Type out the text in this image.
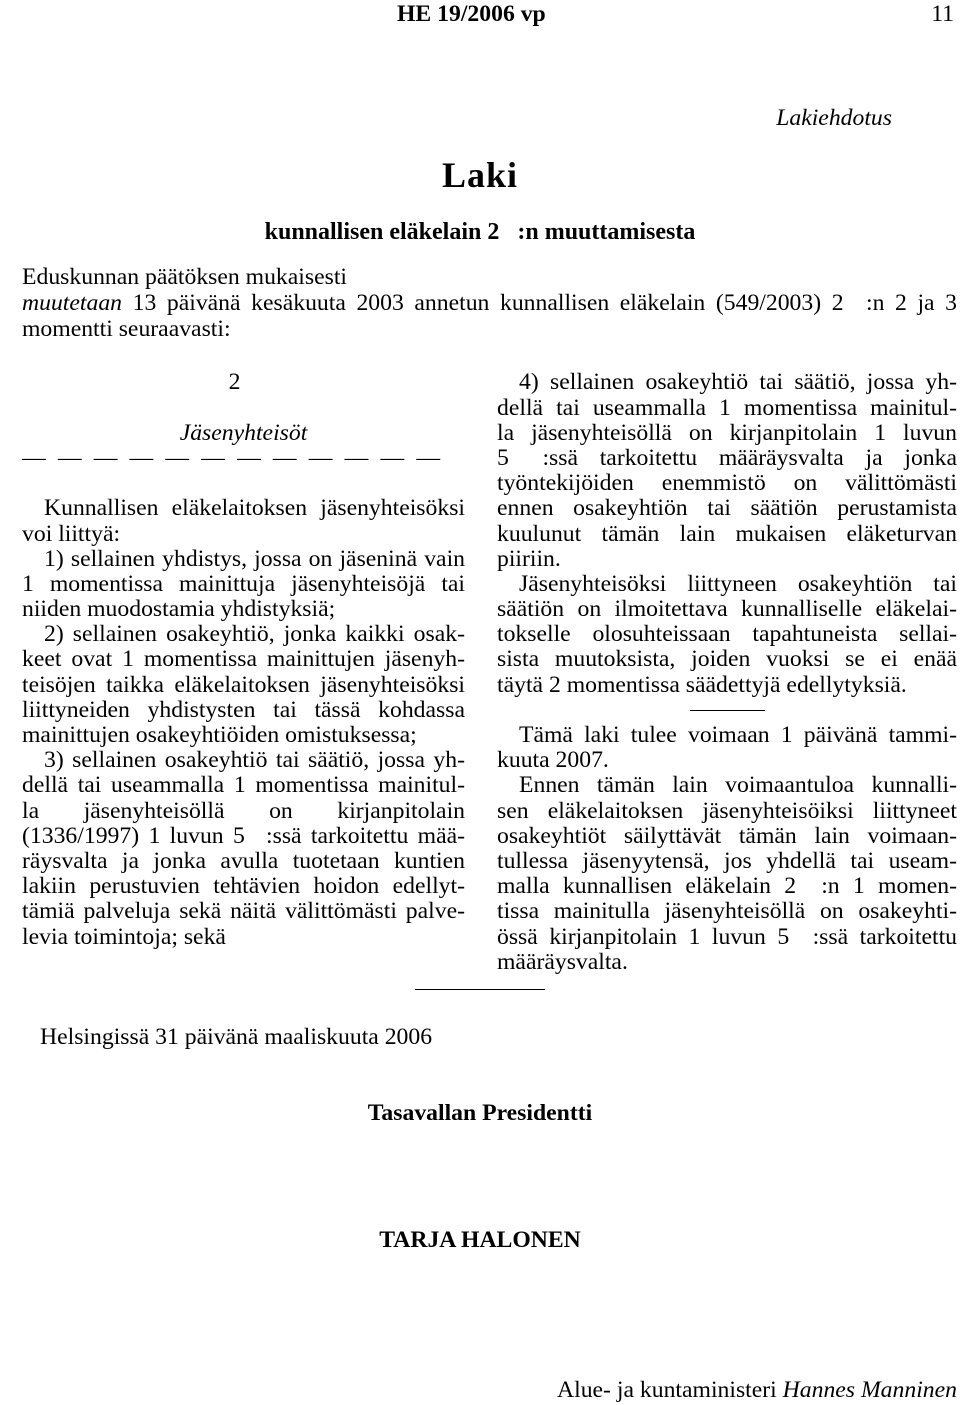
HE 19/2006 vp	11
Lakiehdotus
Laki
kunnallisen eläkelain 2  :n muuttamisesta
Eduskunnan päätöksen mukaisesti
muutetaan 13 päivänä kesäkuuta 2003 annetun kunnallisen eläkelain (549/2003) 2  :n 2 ja 3
momentti seuraavasti:
2
Jäsenyhteisöt
— — — — — — — — — — — —
Kunnallisen eläkelaitoksen jäsenyhteisöksi
voi liittyä:
1) sellainen yhdistys, jossa on jäseninä vain
1 momentissa mainittuja jäsenyhteisöjä tai
niiden muodostamia yhdistyksiä;
2) sellainen osakeyhtiö, jonka kaikki osak-
keet ovat 1 momentissa mainittujen jäsenyh-
teisöjen taikka eläkelaitoksen jäsenyhteisöksi
liittyneiden yhdistysten tai tässä kohdassa
mainittujen osakeyhtiöiden omistuksessa;
3) sellainen osakeyhtiö tai säätiö, jossa yh-
dellä tai useammalla 1 momentissa mainitul-
la jäsenyhteisöllä on kirjanpitolain
(1336/1997) 1 luvun 5  :ssä tarkoitettu mää-
räysvalta ja jonka avulla tuotetaan kuntien
lakiin perustuvien tehtävien hoidon edellyt-
tämiä palveluja sekä näitä välittömästi palve-
levia toimintoja; sekä
4) sellainen osakeyhtiö tai säätiö, jossa yh-
dellä tai useammalla 1 momentissa mainitul-
la jäsenyhteisöllä on kirjanpitolain 1 luvun
5  :ssä tarkoitettu määräysvalta ja jonka
työntekijöiden enemmistö on välittömästi
ennen osakeyhtiön tai säätiön perustamista
kuulunut tämän lain mukaisen eläketurvan
piiriin.
Jäsenyhteisöksi liittyneen osakeyhtiön tai
säätiön on ilmoitettava kunnalliselle eläkelai-
tokselle olosuhteissaan tapahtuneista sellai-
sista muutoksista, joiden vuoksi se ei enää
täytä 2 momentissa säädettyjä edellytyksiä.
Tämä laki tulee voimaan 1 päivänä tammi-
kuuta 2007.
Ennen tämän lain voimaantuloa kunnalli-
sen eläkelaitoksen jäsenyhteisöiksi liittyneet
osakeyhtiöt säilyttävät tämän lain voimaan-
tullessa jäsenyytensä, jos yhdellä tai useam-
malla kunnallisen eläkelain 2  :n 1 momen-
tissa mainitulla jäsenyhteisöllä on osakeyhti-
össä kirjanpitolain 1 luvun 5  :ssä tarkoitettu
määräysvalta.
Helsingissä 31 päivänä maaliskuuta 2006
Tasavallan Presidentti
TARJA HALONEN
Alue- ja kuntaministeri Hannes Manninen
